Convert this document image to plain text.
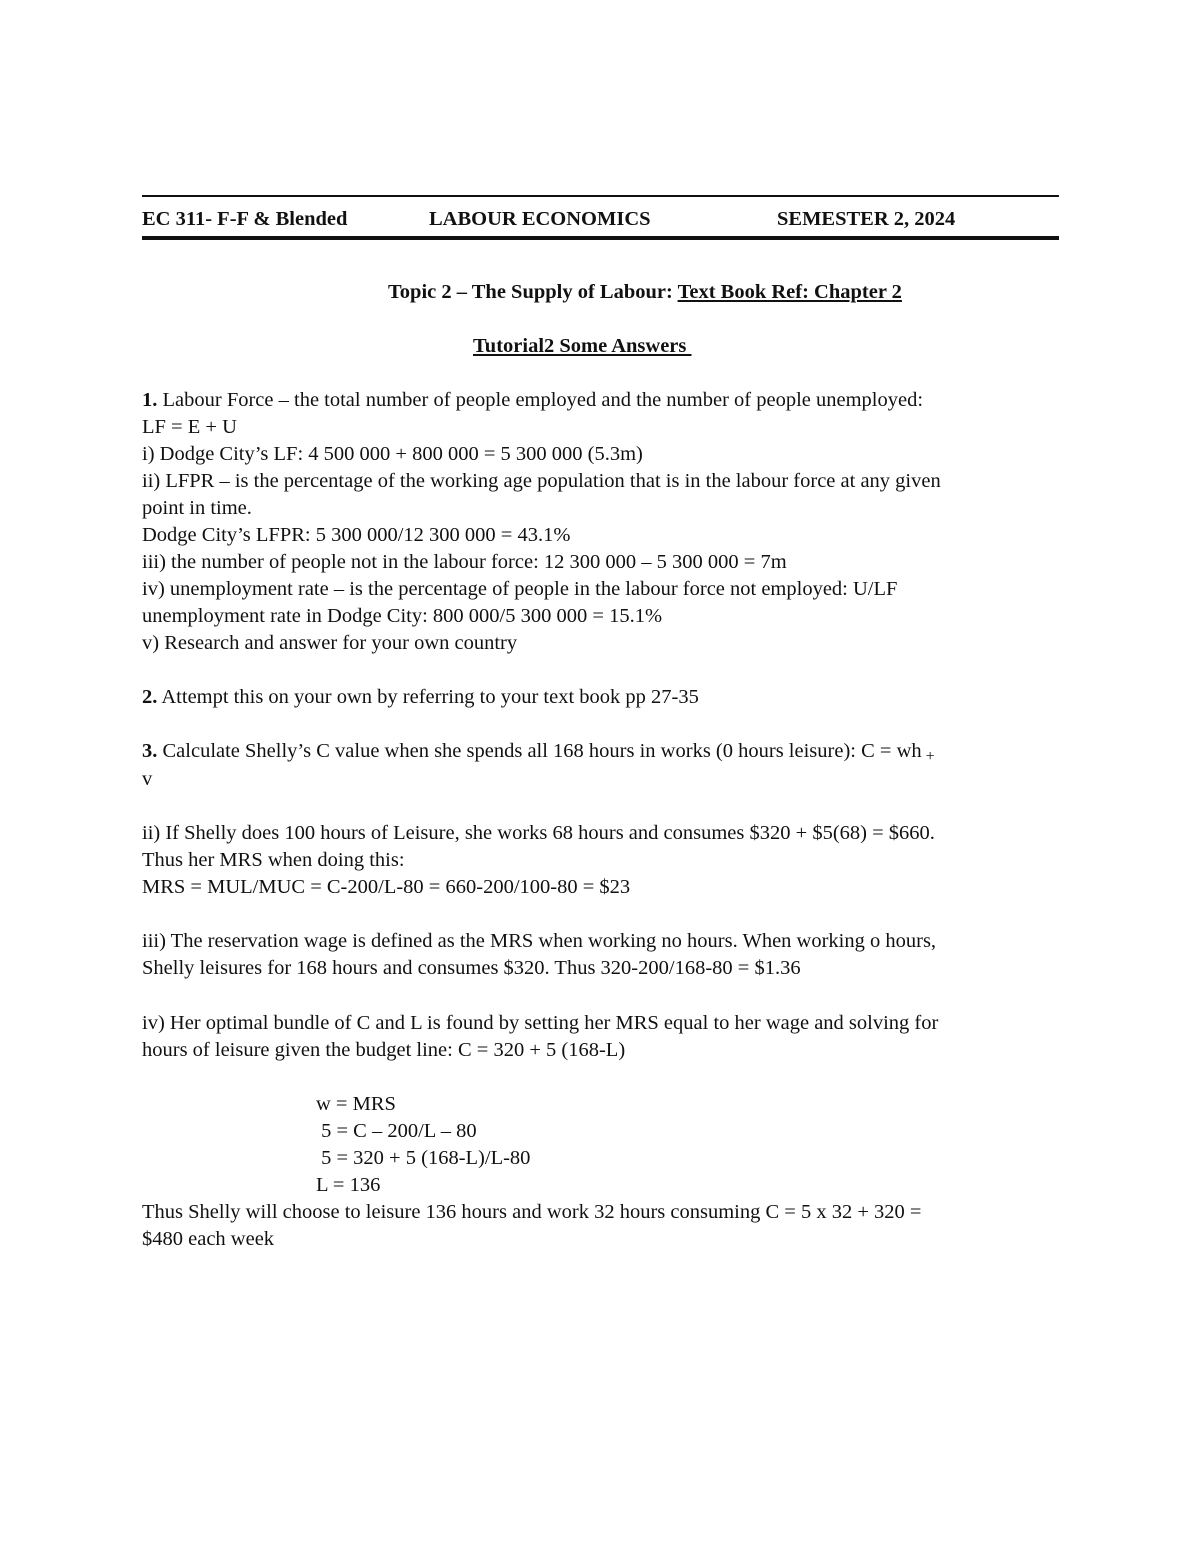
EC 311- F-F & Blended	LABOUR ECONOMICS	SEMESTER 2, 2024
Topic 2 – The Supply of Labour: Text Book Ref: Chapter 2
Tutorial2 Some Answers
1. Labour Force – the total number of people employed and the number of people unemployed:
LF = E + U
i) Dodge City’s LF: 4 500 000 + 800 000 = 5 300 000 (5.3m)
ii) LFPR – is the percentage of the working age population that is in the labour force at any given
point in time.
Dodge City’s LFPR: 5 300 000/12 300 000 = 43.1%
iii) the number of people not in the labour force: 12 300 000 – 5 300 000 = 7m
iv) unemployment rate – is the percentage of people in the labour force not employed: U/LF
unemployment rate in Dodge City: 800 000/5 300 000 = 15.1%
v) Research and answer for your own country
2. Attempt this on your own by referring to your text book pp 27-35
3. Calculate Shelly’s C value when she spends all 168 hours in works (0 hours leisure): C = wh +
v
ii) If Shelly does 100 hours of Leisure, she works 68 hours and consumes $320 + $5(68) = $660.
Thus her MRS when doing this:
MRS = MUL/MUC = C-200/L-80 = 660-200/100-80 = $23
iii) The reservation wage is defined as the MRS when working no hours. When working o hours,
Shelly leisures for 168 hours and consumes $320. Thus 320-200/168-80 = $1.36
iv) Her optimal bundle of C and L is found by setting her MRS equal to her wage and solving for
hours of leisure given the budget line: C = 320 + 5 (168-L)
w = MRS
5 = C – 200/L – 80
5 = 320 + 5 (168-L)/L-80
L = 136
Thus Shelly will choose to leisure 136 hours and work 32 hours consuming C = 5 x 32 + 320 =
$480 each week
